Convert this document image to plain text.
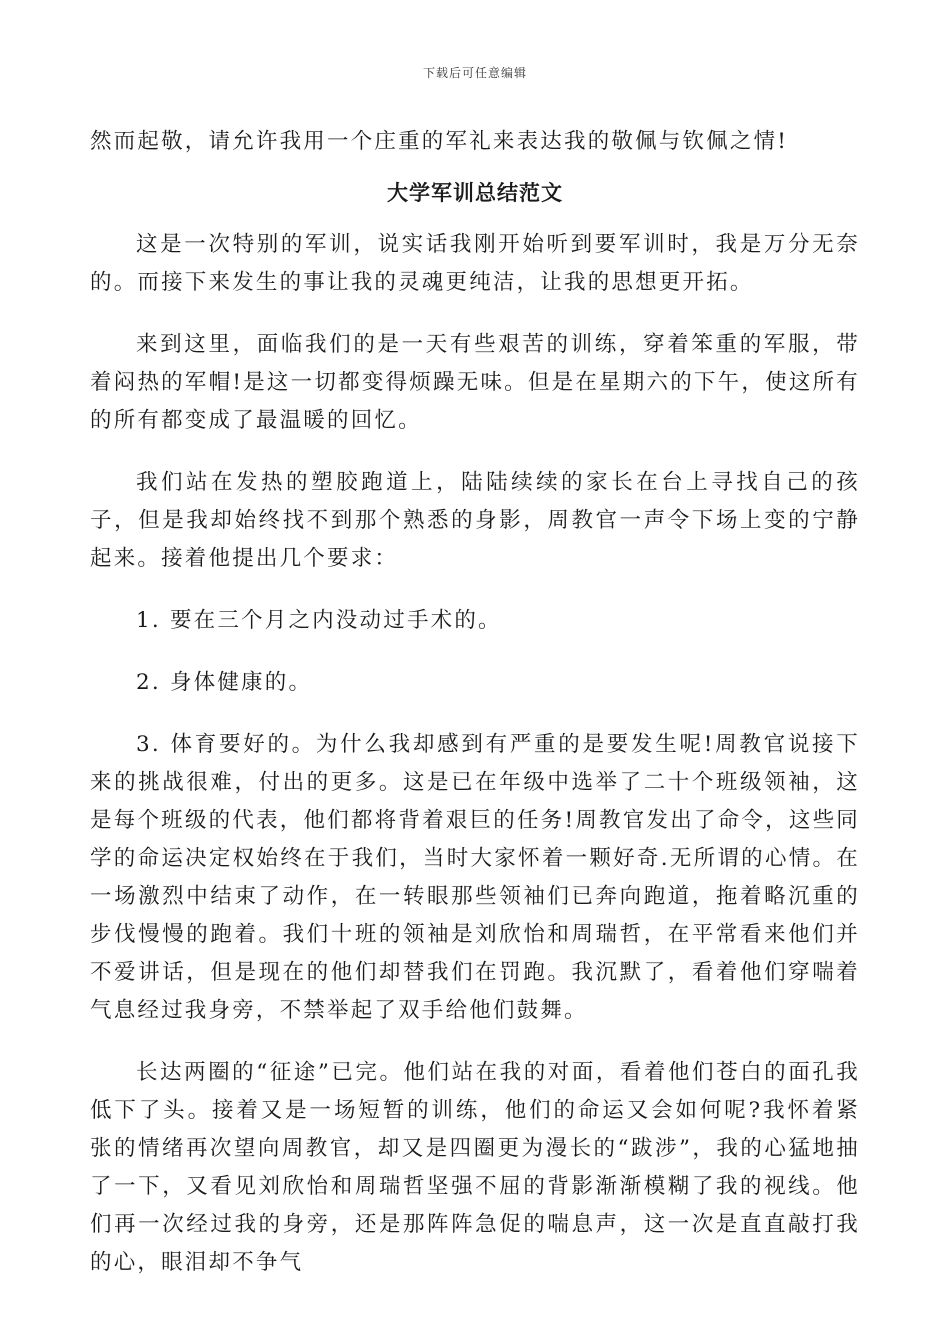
下载后可任意编辑

然而起敬，请允许我用一个庄重的军礼来表达我的敬佩与钦佩之情!

大学军训总结范文

这是一次特别的军训，说实话我刚开始听到要军训时，我是万分无奈的。而接下来发生的事让我的灵魂更纯洁，让我的思想更开拓。

来到这里，面临我们的是一天有些艰苦的训练，穿着笨重的军服，带着闷热的军帽!是这一切都变得烦躁无味。但是在星期六的下午，使这所有的所有都变成了最温暖的回忆。

我们站在发热的塑胶跑道上，陆陆续续的家长在台上寻找自己的孩子，但是我却始终找不到那个熟悉的身影，周教官一声令下场上变的宁静起来。接着他提出几个要求：

1. 要在三个月之内没动过手术的。

2. 身体健康的。

3. 体育要好的。为什么我却感到有严重的是要发生呢!周教官说接下来的挑战很难，付出的更多。这是已在年级中选举了二十个班级领袖，这是每个班级的代表，他们都将背着艰巨的任务!周教官发出了命令，这些同学的命运决定权始终在于我们，当时大家怀着一颗好奇.无所谓的心情。在一场激烈中结束了动作，在一转眼那些领袖们已奔向跑道，拖着略沉重的步伐慢慢的跑着。我们十班的领袖是刘欣怡和周瑞哲，在平常看来他们并不爱讲话，但是现在的他们却替我们在罚跑。我沉默了，看着他们穿喘着气息经过我身旁，不禁举起了双手给他们鼓舞。

长达两圈的“征途”已完。他们站在我的对面，看着他们苍白的面孔我低下了头。接着又是一场短暂的训练，他们的命运又会如何呢?我怀着紧张的情绪再次望向周教官，却又是四圈更为漫长的“跋涉”，我的心猛地抽了一下，又看见刘欣怡和周瑞哲坚强不屈的背影渐渐模糊了我的视线。他们再一次经过我的身旁，还是那阵阵急促的喘息声，这一次是直直敲打我的心，眼泪却不争气
